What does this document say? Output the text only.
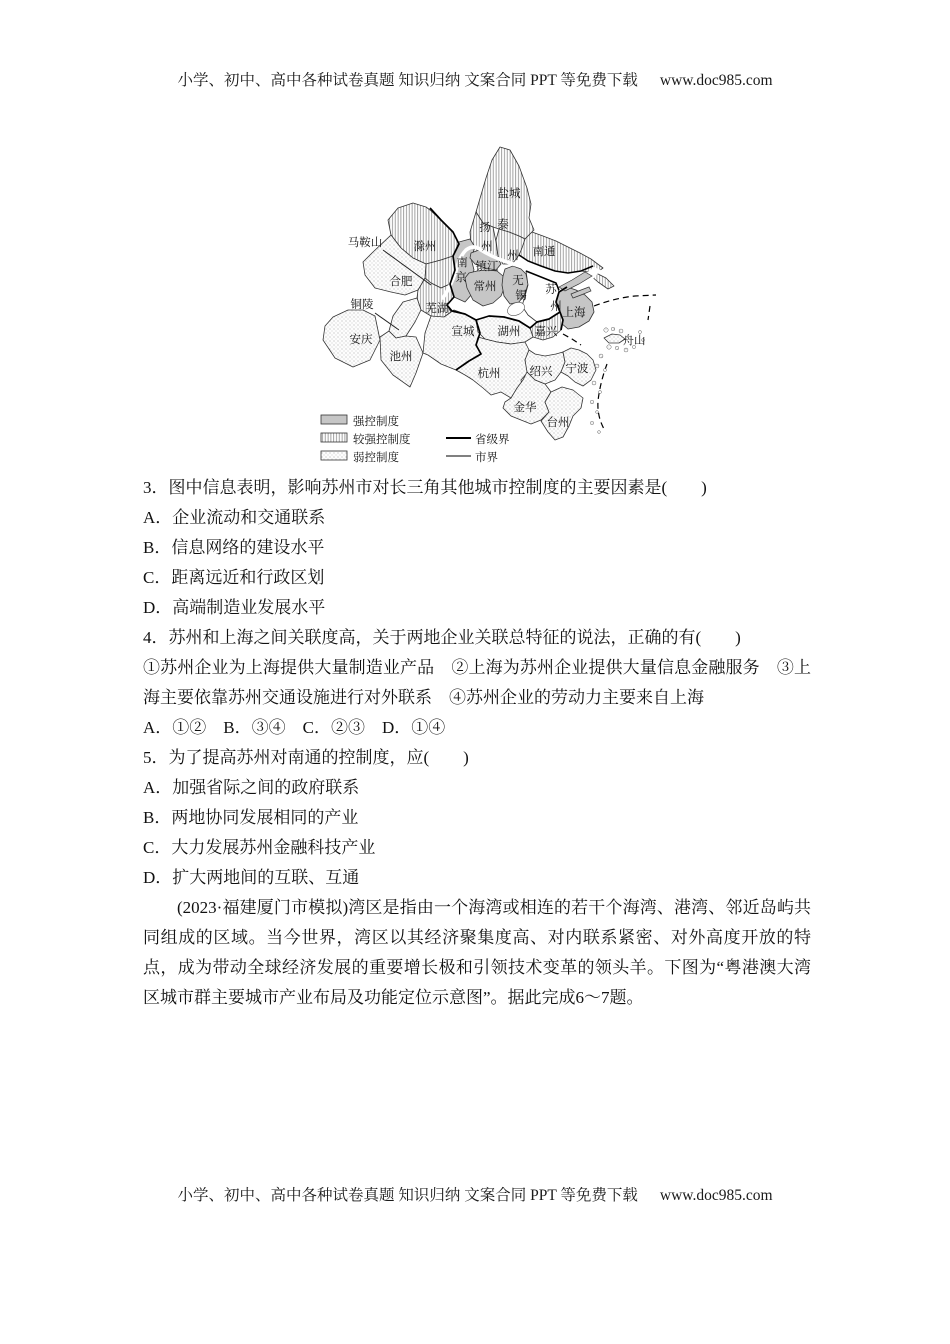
小学、初中、高中各种试卷真题 知识归纳 文案合同 PPT 等免费下载 www.doc985.com
盐城
扬
州
泰
州 南通
滁州
芜湖
合肥
安庆
池州
宣城
南
京
镇江
常州 无
锡 苏
州 上海
嘉兴
湖州
杭州	绍兴 宁波
金华
台州
舟山
马鞍山
铜陵
强控制度
较强控制度
弱控制度
省级界
市界
3．图中信息表明，影响苏州市对长三角其他城市控制度的主要因素是(　　)
A．企业流动和交通联系
B．信息网络的建设水平
C．距离远近和行政区划
D．高端制造业发展水平
4．苏州和上海之间关联度高，关于两地企业关联总特征的说法，正确的有(　　)
①苏州企业为上海提供大量制造业产品　②上海为苏州企业提供大量信息金融服务　③上海主要依靠苏州交通设施进行对外联系　④苏州企业的劳动力主要来自上海
A．①②　B．③④　C．②③　D．①④
5．为了提高苏州对南通的控制度，应(　　)
A．加强省际之间的政府联系
B．两地协同发展相同的产业
C．大力发展苏州金融科技产业
D．扩大两地间的互联、互通

(2023·福建厦门市模拟)湾区是指由一个海湾或相连的若干个海湾、港湾、邻近岛屿共同组成的区域。当今世界，湾区以其经济聚集度高、对内联系紧密、对外高度开放的特点，成为带动全球经济发展的重要增长极和引领技术变革的领头羊。下图为“粤港澳大湾区城市群主要城市产业布局及功能定位示意图”。据此完成6～7题。

小学、初中、高中各种试卷真题 知识归纳 文案合同 PPT 等免费下载 www.doc985.com
